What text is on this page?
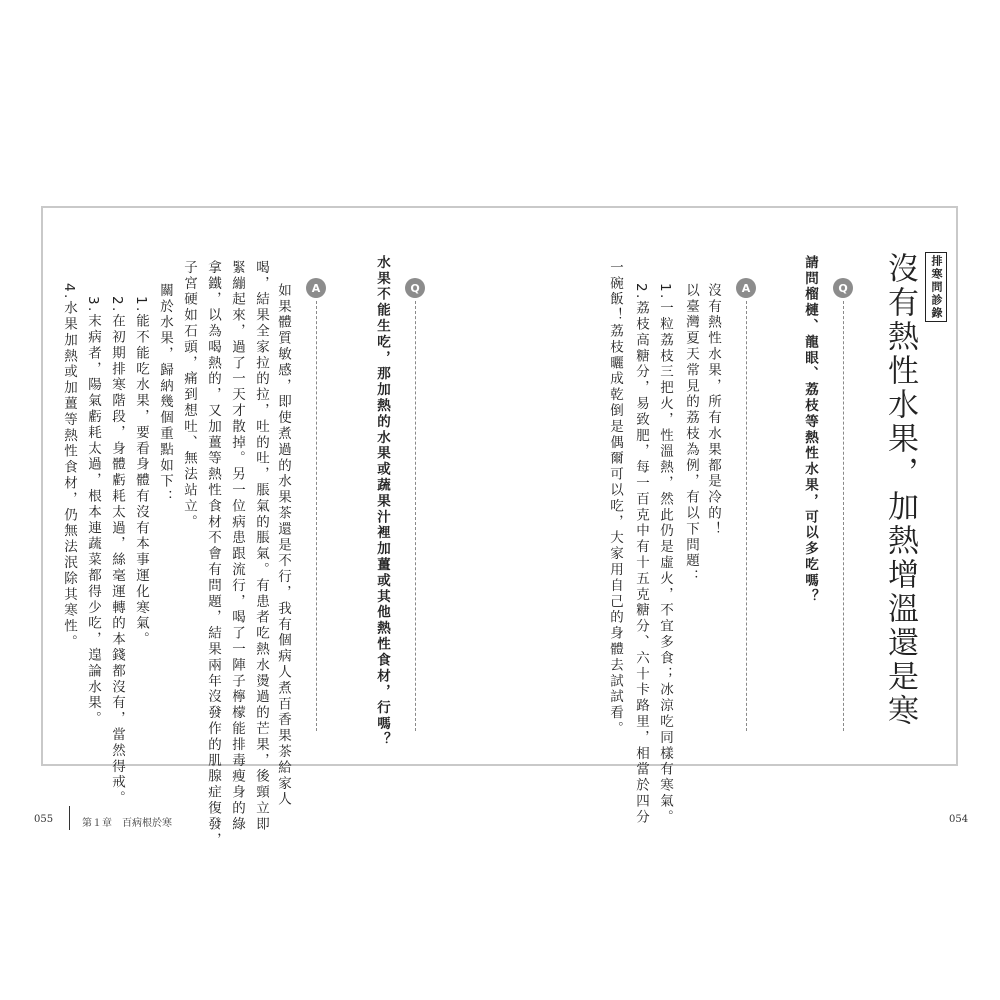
排寒問診錄
沒有熱性水果，加熱增溫還是寒
Q
請問榴槤、龍眼、荔枝等熱性水果，可以多吃嗎？
A
沒有熱性水果，所有水果都是冷的！
以臺灣夏天常見的荔枝為例，有以下問題：
1.一粒荔枝三把火，性溫熱，然此仍是虛火，不宜多食；冰涼吃同樣有寒氣。
2.荔枝高糖分，易致肥，每一百克中有十五克糖分、六十卡路里，相當於四分
一碗飯！荔枝曬成乾倒是偶爾可以吃，大家用自己的身體去試試看。
Q
水果不能生吃，那加熱的水果或蔬果汁裡加薑或其他熱性食材，行嗎？
A
如果體質敏感，即使煮過的水果茶還是不行，我有個病人煮百香果茶給家人
喝，結果全家拉的拉，吐的吐，脹氣的脹氣。有患者吃熱水燙過的芒果，後頸立即
緊繃起來，過了一天才散掉。另一位病患跟流行，喝了一陣子檸檬能排毒瘦身的綠
拿鐵，以為喝熱的，又加薑等熱性食材不會有問題，結果兩年沒發作的肌腺症復發，
子宮硬如石頭，痛到想吐、無法站立。
關於水果，歸納幾個重點如下：
1.能不能吃水果，要看身體有沒有本事運化寒氣。
2.在初期排寒階段，身體虧耗太過，絲毫運轉的本錢都沒有，當然得戒。
3.末病者，陽氣虧耗太過，根本連蔬菜都得少吃，遑論水果。
4.水果加熱或加薑等熱性食材，仍無法泯除其寒性。
055	第１章　百病根於寒	054
